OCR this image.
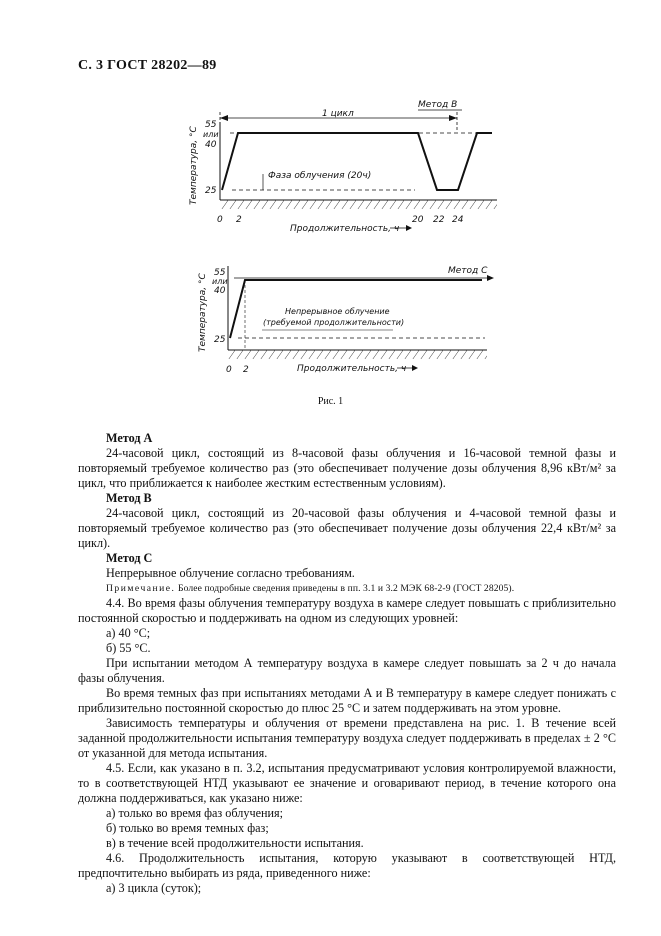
С. 3 ГОСТ 28202—89
1 цикл
Метод В
Фаза облучения (20ч)
55
или
40
25
Температура, °С
0 2	20 22 24
Продолжительность, ч
Метод С
Непрерывное облучение
(требуемой продолжительности)
55
или
40
25
Температура, °С
0 2	Продолжительность, ч
Рис. 1

Метод А

24-часовой цикл, состоящий из 8-часовой фазы облучения и 16-часовой темной фазы и повторяемый требуемое количество раз (это обеспечивает получение дозы облучения 8,96 кВт/м² за цикл, что приближается к наиболее жестким естественным условиям).

Метод В

24-часовой цикл, состоящий из 20-часовой фазы облучения и 4-часовой темной фазы и повторяемый требуемое количество раз (это обеспечивает получение дозы облучения 22,4 кВт/м² за цикл).

Метод С

Непрерывное облучение согласно требованиям.

Примечание. Более подробные сведения приведены в пп. 3.1 и 3.2 МЭК 68-2-9 (ГОСТ 28205).

4.4. Во время фазы облучения температуру воздуха в камере следует повышать с приблизительно постоянной скоростью и поддерживать на одном из следующих уровней:

а) 40 °С;

б) 55 °С.

При испытании методом А температуру воздуха в камере следует повышать за 2 ч до начала фазы облучения.

Во время темных фаз при испытаниях методами А и В температуру в камере следует понижать с приблизительно постоянной скоростью до плюс 25 °С и затем поддерживать на этом уровне.

Зависимость температуры и облучения от времени представлена на рис. 1. В течение всей заданной продолжительности испытания температуру воздуха следует поддерживать в пределах ± 2 °С от указанной для метода испытания.

4.5. Если, как указано в п. 3.2, испытания предусматривают условия контролируемой влажности, то в соответствующей НТД указывают ее значение и оговаривают период, в течение которого она должна поддерживаться, как указано ниже:

а) только во время фаз облучения;

б) только во время темных фаз;

в) в течение всей продолжительности испытания.

4.6. Продолжительность испытания, которую указывают в соответствующей НТД, предпочтительно выбирать из ряда, приведенного ниже:

а) 3 цикла (суток);
